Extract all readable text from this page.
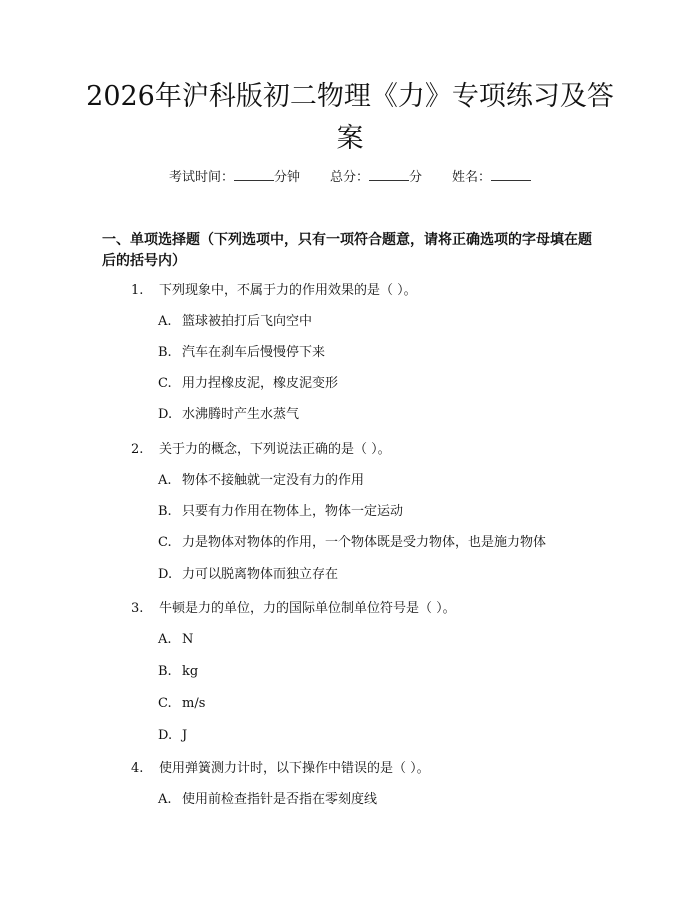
2026年沪科版初二物理《力》专项练习及答案
考试时间：	分钟 总分：	分 姓名：
一、单项选择题（下列选项中，只有一项符合题意，请将正确选项的字母填在题后的括号内）
1.	下列现象中，不属于力的作用效果的是（ ）。
A. 篮球被拍打后飞向空中
B. 汽车在刹车后慢慢停下来
C. 用力捏橡皮泥，橡皮泥变形
D. 水沸腾时产生水蒸气
2.	关于力的概念，下列说法正确的是（ ）。
A. 物体不接触就一定没有力的作用
B. 只要有力作用在物体上，物体一定运动
C. 力是物体对物体的作用，一个物体既是受力物体，也是施力物体
D. 力可以脱离物体而独立存在
3.	牛顿是力的单位，力的国际单位制单位符号是（ ）。
A. N
B. kg
C. m/s
D. J
4.	使用弹簧测力计时，以下操作中错误的是（ ）。
A. 使用前检查指针是否指在零刻度线
